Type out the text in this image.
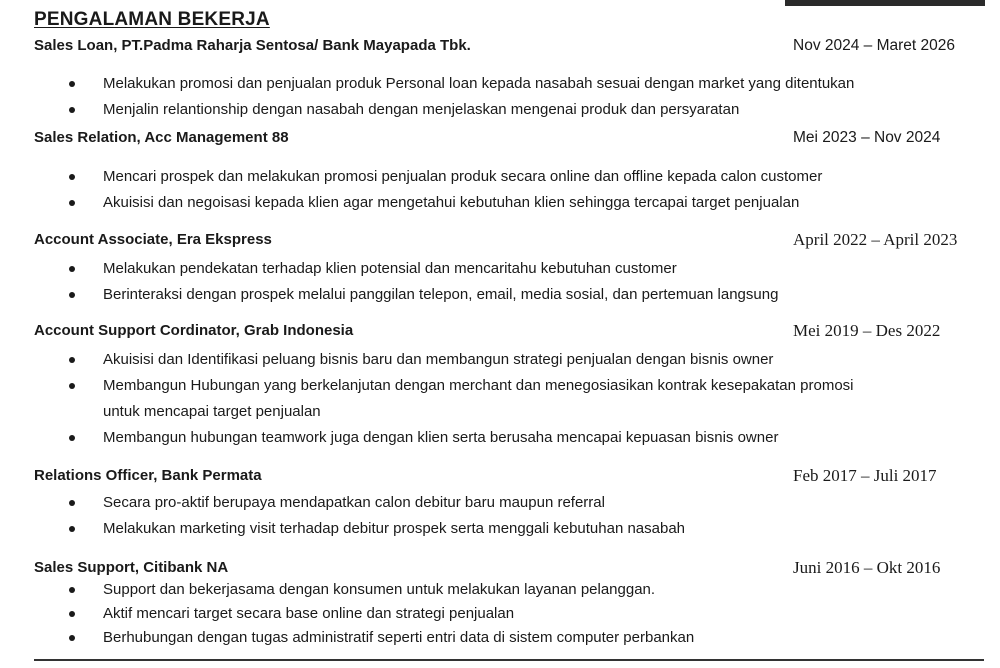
PENGALAMAN BEKERJA
Sales Loan, PT.Padma Raharja Sentosa/ Bank Mayapada Tbk.	Nov 2024 – Maret 2026
Melakukan promosi dan penjualan produk Personal loan kepada nasabah sesuai dengan market yang ditentukan
Menjalin relantionship dengan nasabah dengan menjelaskan mengenai produk dan persyaratan
Sales Relation, Acc Management 88	Mei 2023 – Nov 2024
Mencari prospek dan melakukan promosi penjualan produk secara online dan offline kepada calon customer
Akuisisi dan negoisasi kepada klien agar mengetahui kebutuhan klien sehingga tercapai target penjualan
Account Associate, Era Ekspress	April 2022 – April 2023
Melakukan pendekatan terhadap klien potensial dan mencaritahu kebutuhan customer
Berinteraksi dengan prospek melalui panggilan telepon, email, media sosial, dan pertemuan langsung
Account Support Cordinator, Grab Indonesia	Mei 2019 – Des 2022
Akuisisi dan Identifikasi peluang bisnis baru dan membangun strategi penjualan dengan bisnis owner
Membangun Hubungan yang berkelanjutan dengan merchant dan menegosiasikan kontrak kesepakatan promosi
untuk mencapai target penjualan
Membangun hubungan teamwork juga dengan klien serta berusaha mencapai kepuasan bisnis owner
Relations Officer, Bank Permata	Feb 2017 – Juli 2017
Secara pro-aktif berupaya mendapatkan calon debitur baru maupun referral
Melakukan marketing visit terhadap debitur prospek serta menggali kebutuhan nasabah
Sales Support, Citibank NA	Juni 2016 – Okt 2016
Support dan bekerjasama dengan konsumen untuk melakukan layanan pelanggan.
Aktif mencari target secara base online dan strategi penjualan
Berhubungan dengan tugas administratif seperti entri data di sistem computer perbankan
